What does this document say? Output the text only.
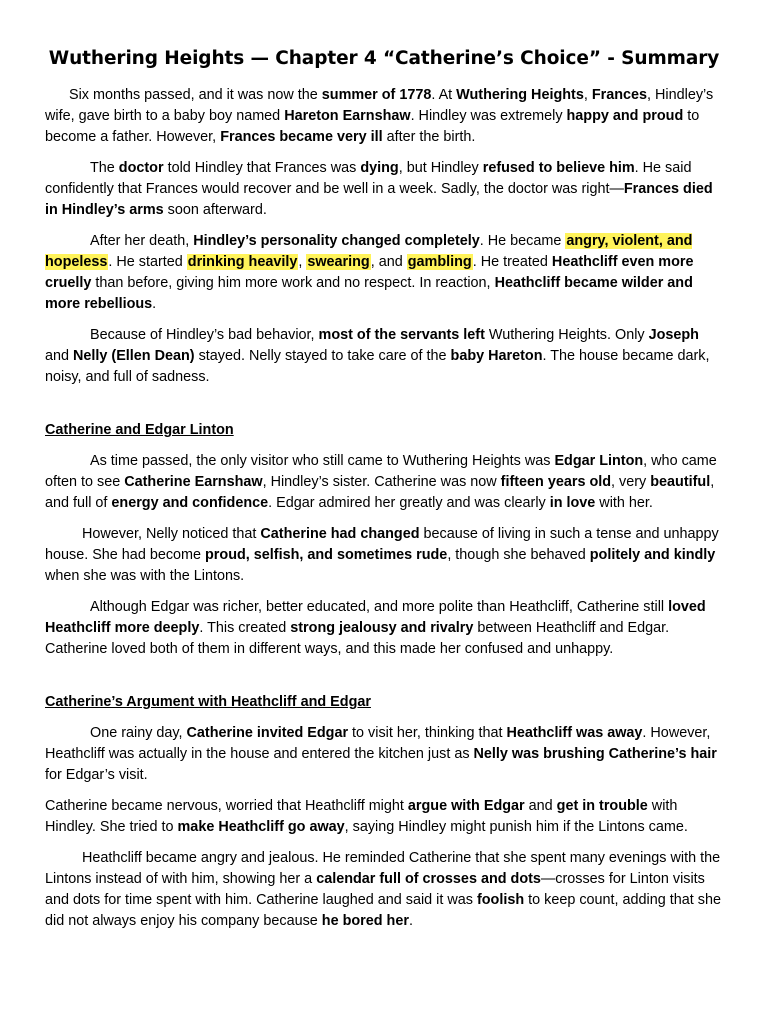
Wuthering Heights — Chapter 4 “Catherine’s Choice” - Summary

Six months passed, and it was now the summer of 1778. At Wuthering Heights, Frances, Hindley’s wife, gave birth to a baby boy named Hareton Earnshaw. Hindley was extremely happy and proud to become a father. However, Frances became very ill after the birth.

The doctor told Hindley that Frances was dying, but Hindley refused to believe him. He said confidently that Frances would recover and be well in a week. Sadly, the doctor was right—Frances died in Hindley’s arms soon afterward.

After her death, Hindley’s personality changed completely. He became angry, violent, and hopeless. He started drinking heavily, swearing, and gambling. He treated Heathcliff even more cruelly than before, giving him more work and no respect. In reaction, Heathcliff became wilder and more rebellious.

Because of Hindley’s bad behavior, most of the servants left Wuthering Heights. Only Joseph and Nelly (Ellen Dean) stayed. Nelly stayed to take care of the baby Hareton. The house became dark, noisy, and full of sadness.

Catherine and Edgar Linton

As time passed, the only visitor who still came to Wuthering Heights was Edgar Linton, who came often to see Catherine Earnshaw, Hindley’s sister. Catherine was now fifteen years old, very beautiful, and full of energy and confidence. Edgar admired her greatly and was clearly in love with her.

However, Nelly noticed that Catherine had changed because of living in such a tense and unhappy house. She had become proud, selfish, and sometimes rude, though she behaved politely and kindly when she was with the Lintons.

Although Edgar was richer, better educated, and more polite than Heathcliff, Catherine still loved Heathcliff more deeply. This created strong jealousy and rivalry between Heathcliff and Edgar. Catherine loved both of them in different ways, and this made her confused and unhappy.

Catherine’s Argument with Heathcliff and Edgar

One rainy day, Catherine invited Edgar to visit her, thinking that Heathcliff was away. However, Heathcliff was actually in the house and entered the kitchen just as Nelly was brushing Catherine’s hair for Edgar’s visit.

Catherine became nervous, worried that Heathcliff might argue with Edgar and get in trouble with Hindley. She tried to make Heathcliff go away, saying Hindley might punish him if the Lintons came.

Heathcliff became angry and jealous. He reminded Catherine that she spent many evenings with the Lintons instead of with him, showing her a calendar full of crosses and dots—crosses for Linton visits and dots for time spent with him. Catherine laughed and said it was foolish to keep count, adding that she did not always enjoy his company because he bored her.
